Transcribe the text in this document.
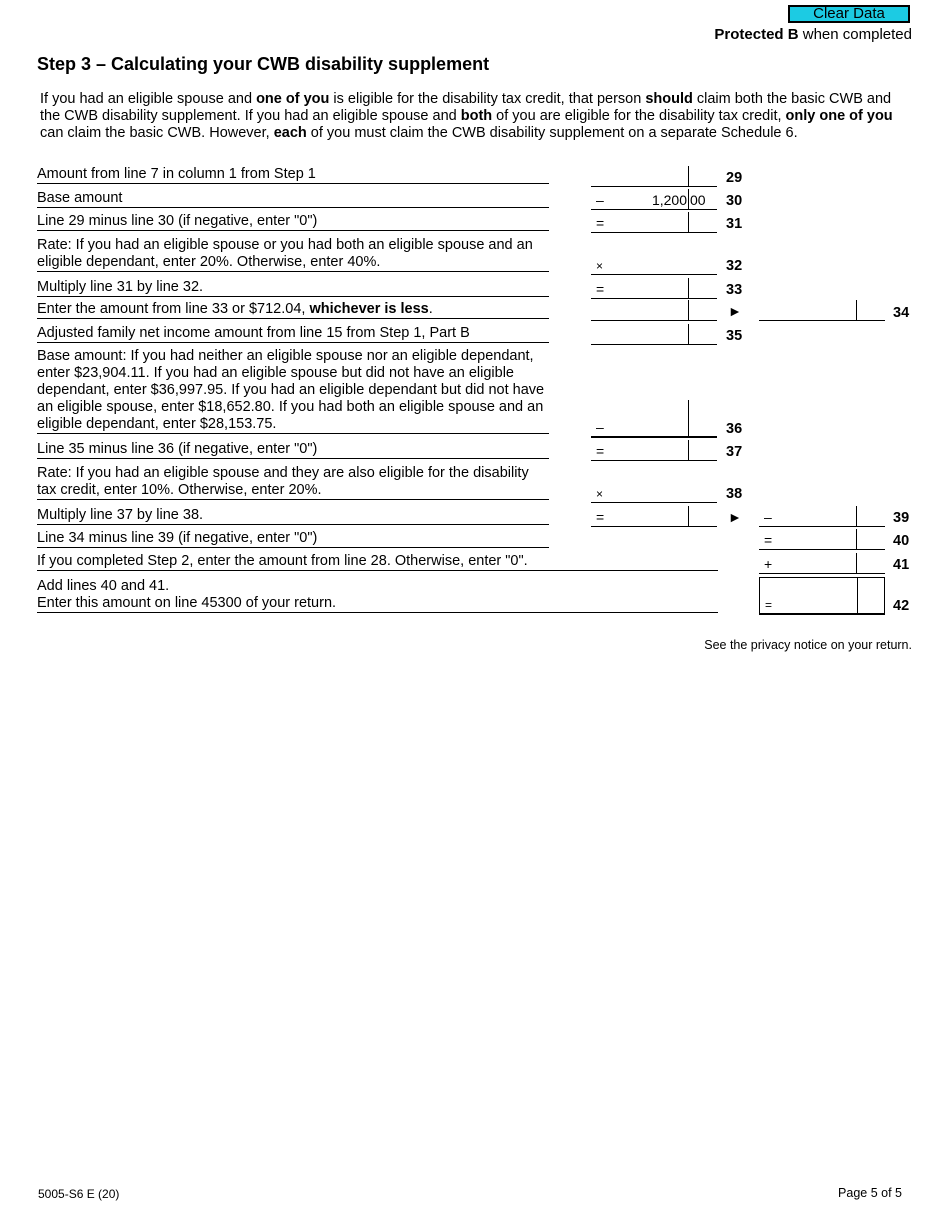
Clear Data
Protected B when completed
Step 3 – Calculating your CWB disability supplement
If you had an eligible spouse and one of you is eligible for the disability tax credit, that person should claim both the basic CWB and the CWB disability supplement. If you had an eligible spouse and both of you are eligible for the disability tax credit, only one of you can claim the basic CWB. However, each of you must claim the CWB disability supplement on a separate Schedule 6.
Amount from line 7 in column 1 from Step 1	29
Base amount	–	1,200 00 30
Line 29 minus line 30 (if negative, enter "0")	=	31
Rate: If you had an eligible spouse or you had both an eligible spouse and an eligible dependant, enter 20%. Otherwise, enter 40%.	×	32
Multiply line 31 by line 32.	=	33
Enter the amount from line 33 or $712.04, whichever is less.	►	34
Adjusted family net income amount from line 15 from Step 1, Part B	35
Base amount: If you had neither an eligible spouse nor an eligible dependant, enter $23,904.11. If you had an eligible spouse but did not have an eligible dependant, enter $36,997.95. If you had an eligible dependant but did not have an eligible spouse, enter $18,652.80. If you had both an eligible spouse and an eligible dependant, enter $28,153.75.	–	36
Line 35 minus line 36 (if negative, enter "0")	=	37
Rate: If you had an eligible spouse and they are also eligible for the disability tax credit, enter 10%. Otherwise, enter 20%.	×	38
Multiply line 37 by line 38.	=	► –	39
Line 34 minus line 39 (if negative, enter "0")	=	40
If you completed Step 2, enter the amount from line 28. Otherwise, enter "0".	+	41
Add lines 40 and 41.
Enter this amount on line 45300 of your return.	=	42
See the privacy notice on your return.
5005-S6 E (20)	Page 5 of 5
